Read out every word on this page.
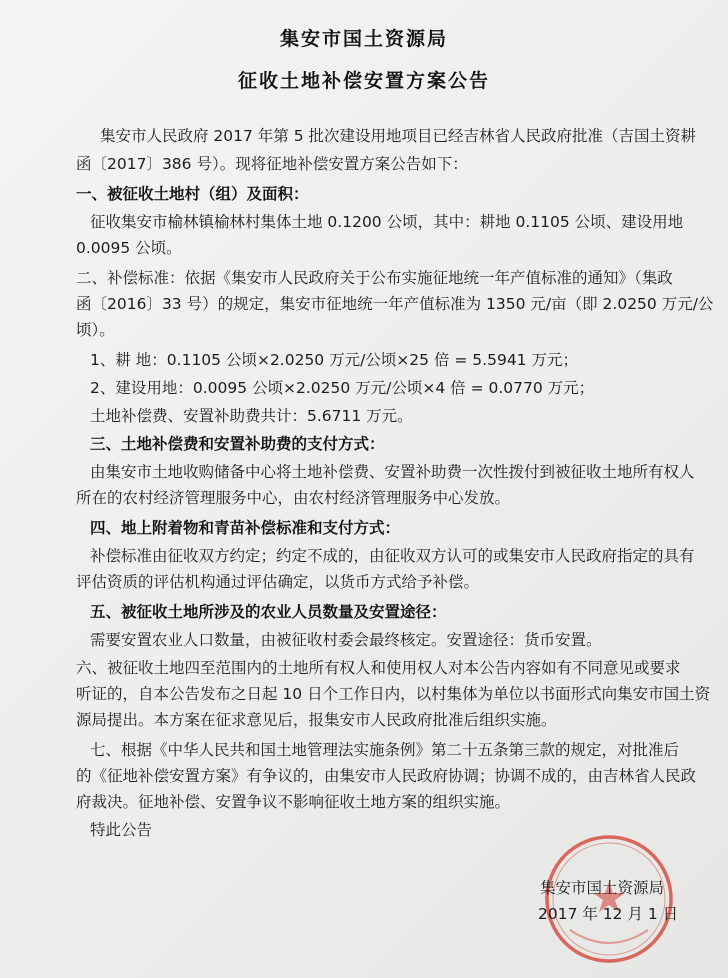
集安市国土资源局
征收土地补偿安置方案公告
集安市人民政府 2017 年第 5 批次建设用地项目已经吉林省人民政府批准（吉国土资耕
函〔2017〕386 号）。现将征地补偿安置方案公告如下：
一、被征收土地村（组）及面积：
征收集安市榆林镇榆林村集体土地 0.1200 公顷，其中：耕地 0.1105 公顷、建设用地
0.0095 公顷。
二、补偿标准：依据《集安市人民政府关于公布实施征地统一年产值标准的通知》（集政
函〔2016〕33 号）的规定，集安市征地统一年产值标准为 1350 元/亩（即 2.0250 万元/公
顷）。
1、耕 地：0.1105 公顷×2.0250 万元/公顷×25 倍 = 5.5941 万元；
2、建设用地：0.0095 公顷×2.0250 万元/公顷×4 倍 = 0.0770 万元；
土地补偿费、安置补助费共计：5.6711 万元。
三、土地补偿费和安置补助费的支付方式：
由集安市土地收购储备中心将土地补偿费、安置补助费一次性拨付到被征收土地所有权人
所在的农村经济管理服务中心，由农村经济管理服务中心发放。
四、地上附着物和青苗补偿标准和支付方式：
补偿标准由征收双方约定；约定不成的，由征收双方认可的或集安市人民政府指定的具有
评估资质的评估机构通过评估确定，以货币方式给予补偿。
五、被征收土地所涉及的农业人员数量及安置途径：
需要安置农业人口数量，由被征收村委会最终核定。安置途径：货币安置。
六、被征收土地四至范围内的土地所有权人和使用权人对本公告内容如有不同意见或要求
听证的，自本公告发布之日起 10 日个工作日内，以村集体为单位以书面形式向集安市国土资
源局提出。本方案在征求意见后，报集安市人民政府批准后组织实施。
七、根据《中华人民共和国土地管理法实施条例》第二十五条第三款的规定，对批准后
的《征地补偿安置方案》有争议的，由集安市人民政府协调；协调不成的，由吉林省人民政
府裁决。征地补偿、安置争议不影响征收土地方案的组织实施。
特此公告
集安市国土资源局
2017 年 12 月 1 日
